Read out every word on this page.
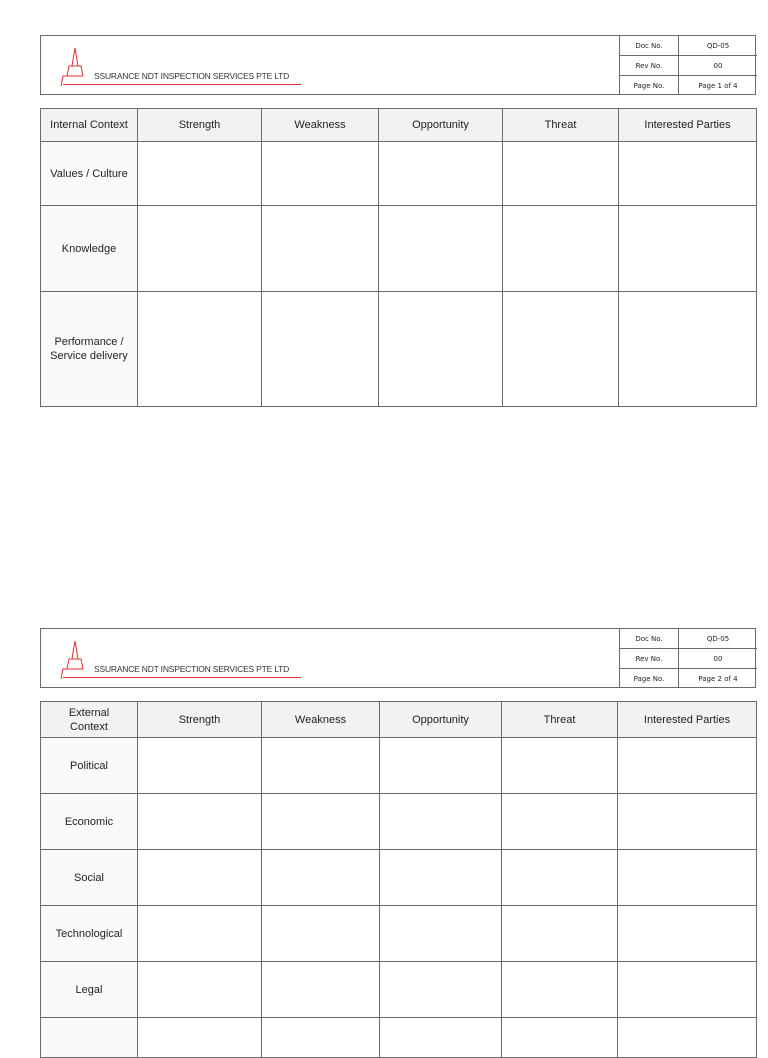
SSURANCE NDT INSPECTION SERVICES PTE LTD
Doc No.	QD-05
Rev No.	00
Page No.	Page 1 of 4
Internal Context	Strength	Weakness	Opportunity	Threat	Interested Parties
Values / Culture					
Knowledge					
Performance / Service delivery					
SSURANCE NDT INSPECTION SERVICES PTE LTD
Doc No.	QD-05
Rev No.	00
Page No.	Page 2 of 4
External Context	Strength	Weakness	Opportunity	Threat	Interested Parties
Political					
Economic					
Social					
Technological					
Legal					
